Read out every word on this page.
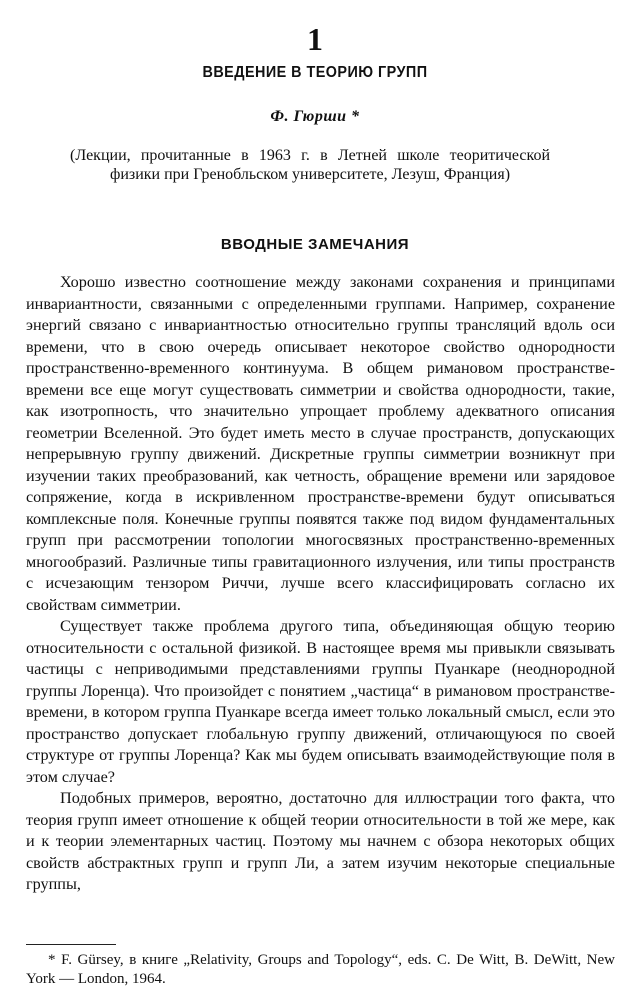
1
ВВЕДЕНИЕ В ТЕОРИЮ ГРУПП
Ф. Гюрши *
(Лекции, прочитанные в 1963 г. в Летней школе теоритической физики при Гренобльском университете, Лезуш, Франция)
ВВОДНЫЕ ЗАМЕЧАНИЯ

Хорошо известно соотношение между законами сохранения и принципами инвариантности, связанными с определенными группами. Например, сохранение энергий связано с инвариантностью относительно группы трансляций вдоль оси времени, что в свою очередь описывает некоторое свойство однородности пространственно-временного континуума. В общем римановом пространстве-времени все еще могут существовать симметрии и свойства однородности, такие, как изотропность, что значительно упрощает проблему адекватного описания геометрии Вселенной. Это будет иметь место в случае пространств, допускающих непрерывную группу движений. Дискретные группы симметрии возникнут при изучении таких преобразований, как четность, обращение времени или зарядовое сопряжение, когда в искривленном пространстве-времени будут описываться комплексные поля. Конечные группы появятся также под видом фундаментальных групп при рассмотрении топологии многосвязных пространственно-временных многообразий. Различные типы гравитационного излучения, или типы пространств с исчезающим тензором Риччи, лучше всего классифицировать согласно их свойствам симметрии.

Существует также проблема другого типа, объединяющая общую теорию относительности с остальной физикой. В настоящее время мы привыкли связывать частицы с неприводимыми представлениями группы Пуанкаре (неоднородной группы Лоренца). Что произойдет с понятием „частица“ в римановом пространстве-времени, в котором группа Пуанкаре всегда имеет только локальный смысл, если это пространство допускает глобальную группу движений, отличающуюся по своей структуре от группы Лоренца? Как мы будем описывать взаимодействующие поля в этом случае?

Подобных примеров, вероятно, достаточно для иллюстрации того факта, что теория групп имеет отношение к общей теории относительности в той же мере, как и к теории элементарных частиц. Поэтому мы начнем с обзора некоторых общих свойств абстрактных групп и групп Ли, а затем изучим некоторые специальные группы,

* F. Gürsey, в книге „Relativity, Groups and Topology“, eds. C. De Witt, B. DeWitt, New York — London, 1964.
